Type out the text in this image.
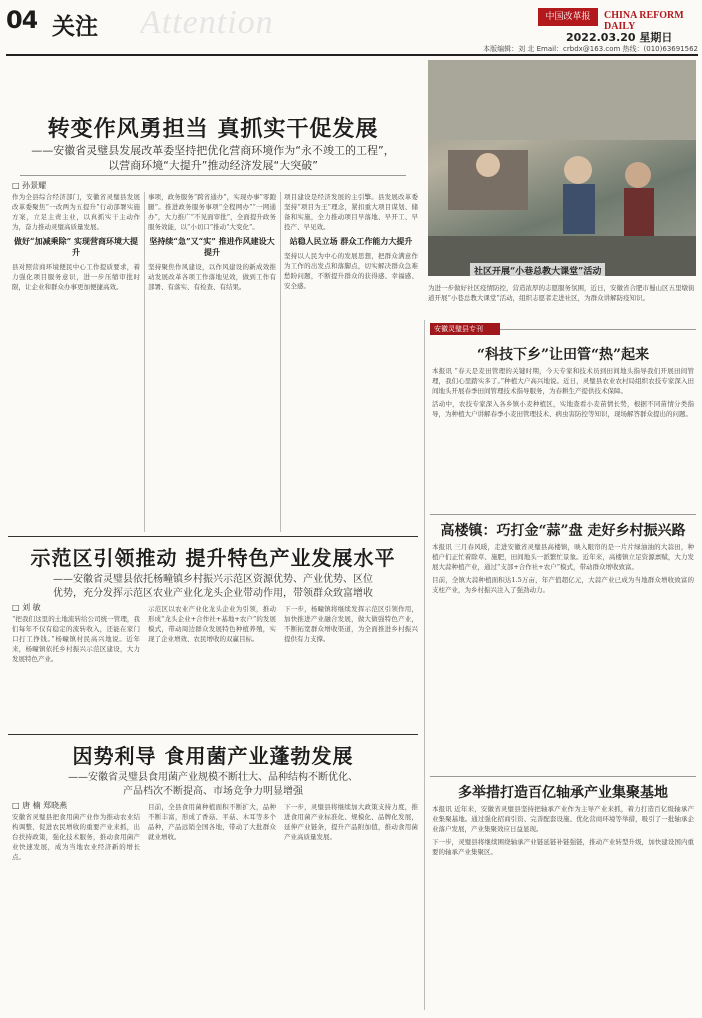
04 关注 Attention	中国改革报	CHINA REFORM DAILY
2022.03.20 星期日
本版编辑：刘 北 Email：crbdx@163.com 热线：(010)63691562
转变作风勇担当 真抓实干促发展
——安徽省灵璧县发展改革委坚持把优化营商环境作为“永不竣工的工程”，
以营商环境“大提升”推动经济发展“大突破”
□ 孙景耀
作为全县综合经济部门，安徽省灵璧县发展改革委聚焦“一改两为五提升”行动部署实施方案，立足主责主业，以真抓实干主动作为，奋力推动灵璧高质量发展。
做好“加减乘除” 实现营商环境大提升
县对照营商环境便民中心工作提质要求，着力强化项目服务意识，进一步压缩审批时限，让企业和群众办事更加便捷高效。
事项，政务服务“跨省通办”，实现办事“零跑腿”。推进政务服务事项“全程网办”“一网通办”，大力推广“不见面审批”，全面提升政务服务效能，以“小切口”推动“大变化”。
坚持续“急”又“实” 推进作风建设大提升
坚持聚焦作风建设，以作风建设的新成效推动发展改革各项工作落地见效，做到工作有部署、有落实、有检查、有结果。
项目建设是经济发展的主引擎。县发展改革委坚持“项目为王”理念，紧扣重大项目谋划、储备和实施，全力推动项目早落地、早开工、早投产、早见效。
站稳人民立场 群众工作能力大提升
坚持以人民为中心的发展思想，把群众满意作为工作的出发点和落脚点，切实解决群众急难愁盼问题，不断提升群众的获得感、幸福感、安全感。
社区开展“小巷总教大课堂”活动
为进一步做好社区疫情防控，营造浓厚的志愿服务氛围，近日，安徽省合肥市蜀山区五里墩街道开展“小巷总教大课堂”活动，组织志愿者走进社区，为群众讲解防疫知识。
安徽灵璧县专刊
“科技下乡”让田管“热”起来
本报讯 “春天是麦田管理的关键时期，今天专家和技术员到田间地头指导我们开展田间管理，我们心里踏实多了。”种植大户高兴地说。近日，灵璧县农业农村局组织农技专家深入田间地头开展春季田间管理技术指导服务，为春耕生产提供技术保障。
活动中，农技专家深入各乡镇小麦种植区，实地查看小麦苗情长势，根据不同苗情分类指导，为种植大户讲解春季小麦田管理技术、病虫害防控等知识，现场解答群众提出的问题。
高楼镇：巧打金“蒜”盘 走好乡村振兴路
本报讯 三月春风暖，走进安徽省灵璧县高楼镇，映入眼帘的是一片片绿油油的大蒜田，种植户们正忙着除草、施肥，田间地头一派繁忙景象。近年来，高楼镇立足资源禀赋，大力发展大蒜种植产业，通过“支部+合作社+农户”模式，带动群众增收致富。
目前，全镇大蒜种植面积达1.5万亩，年产值超亿元，大蒜产业已成为当地群众增收致富的支柱产业，为乡村振兴注入了强劲动力。
多举措打造百亿轴承产业集聚基地
本报讯 近年来，安徽省灵璧县坚持把轴承产业作为主导产业来抓，着力打造百亿级轴承产业集聚基地。通过强化招商引资、完善配套设施、优化营商环境等举措，吸引了一批轴承企业落户发展，产业集聚效应日益显现。
下一步，灵璧县将继续围绕轴承产业链延链补链强链，推动产业转型升级，加快建设国内重要的轴承产业集聚区。
示范区引领推动 提升特色产业发展水平
——安徽省灵璧县依托杨疃镇乡村振兴示范区资源优势、产业优势、区位
优势，充分发挥示范区农业产业化龙头企业带动作用，带领群众致富增收
□ 刘 敏
“把我们这里的土地流转给公司统一管理，我们每年不仅有稳定的流转收入，还能在家门口打工挣钱。”杨疃镇村民高兴地说。近年来，杨疃镇依托乡村振兴示范区建设，大力发展特色产业。
示范区以农业产业化龙头企业为引领，推动形成“龙头企业+合作社+基地+农户”的发展模式，带动周边群众发展特色种植养殖，实现了企业增效、农民增收的双赢目标。
下一步，杨疃镇将继续发挥示范区引领作用，加快推进产业融合发展，做大做强特色产业，不断拓宽群众增收渠道，为全面推进乡村振兴提供有力支撑。
因势利导 食用菌产业蓬勃发展
——安徽省灵璧县食用菌产业规模不断壮大、品种结构不断优化、
产品档次不断提高、市场竞争力明显增强
□ 唐 楠 郑晓燕
安徽省灵璧县把食用菌产业作为推动农业结构调整、促进农民增收的重要产业来抓，出台扶持政策，强化技术服务，推动食用菌产业快速发展，成为当地农业经济新的增长点。
目前，全县食用菌种植面积不断扩大，品种不断丰富，形成了香菇、平菇、木耳等多个品种，产品远销全国各地，带动了大批群众就业增收。
下一步，灵璧县将继续加大政策支持力度，推进食用菌产业标准化、规模化、品牌化发展，延伸产业链条，提升产品附加值，推动食用菌产业高质量发展。
